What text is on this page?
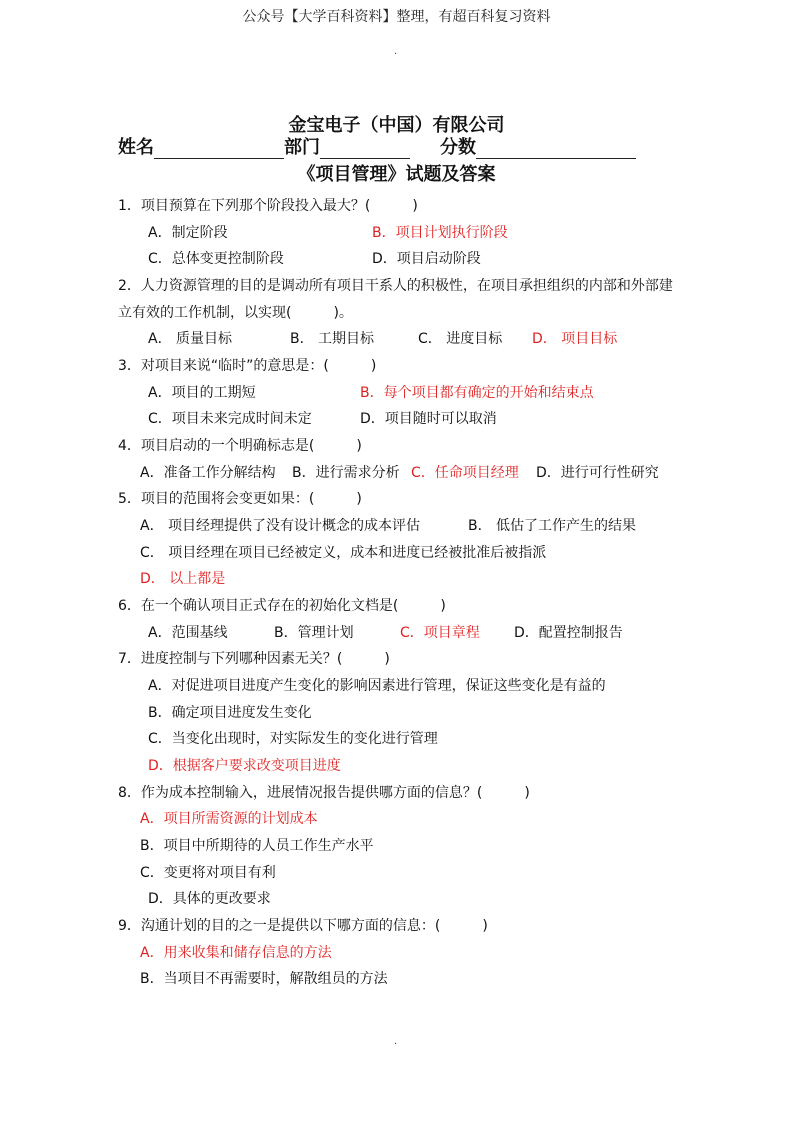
公众号【大学百科资料】整理，有超百科复习资料
.
金宝电子（中国）有限公司
姓名	部门	分数
《项目管理》试题及答案
1．项目预算在下列那个阶段投入最大？(　　　)
A．制定阶段	B．项目计划执行阶段
C．总体变更控制阶段	D．项目启动阶段
2．人力资源管理的目的是调动所有项目干系人的积极性，在项目承担组织的内部和外部建
立有效的工作机制，以实现(　　　)。
A． 质量目标	B． 工期目标	C． 进度目标 D． 项目目标
3．对项目来说“临时”的意思是：(　　　)
A．项目的工期短	B．每个项目都有确定的开始和结束点
C．项目未来完成时间未定	D．项目随时可以取消
4．项目启动的一个明确标志是(　　　)
A．准备工作分解结构 B．进行需求分析 C．任命项目经理 D．进行可行性研究
5．项目的范围将会变更如果：(　　　)
A． 项目经理提供了没有设计概念的成本评估	B． 低估了工作产生的结果
C． 项目经理在项目已经被定义，成本和进度已经被批准后被指派
D． 以上都是
6．在一个确认项目正式存在的初始化文档是(　　　)
A．范围基线	B．管理计划	C．项目章程 D．配置控制报告
7．进度控制与下列哪种因素无关？(　　　)
A．对促进项目进度产生变化的影响因素进行管理，保证这些变化是有益的
B．确定项目进度发生变化
C．当变化出现时，对实际发生的变化进行管理
D．根据客户要求改变项目进度
8．作为成本控制输入，进展情况报告提供哪方面的信息？(　　　)
A．项目所需资源的计划成本
B．项目中所期待的人员工作生产水平
C．变更将对项目有利
D．具体的更改要求
9．沟通计划的目的之一是提供以下哪方面的信息：(　　　)
A．用来收集和储存信息的方法
B．当项目不再需要时，解散组员的方法
.
